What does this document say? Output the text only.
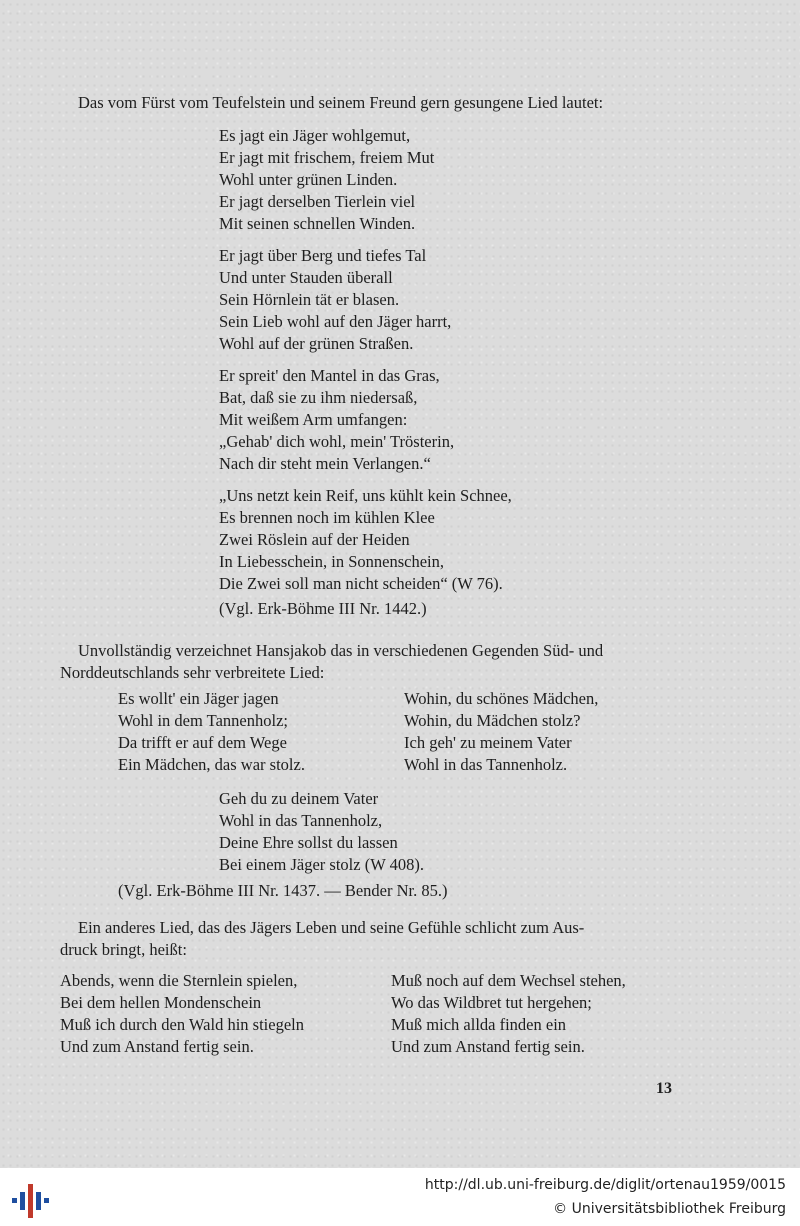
Das vom Fürst vom Teufelstein und seinem Freund gern gesungene Lied lautet:
Es jagt ein Jäger wohlgemut,
Er jagt mit frischem, freiem Mut
Wohl unter grünen Linden.
Er jagt derselben Tierlein viel
Mit seinen schnellen Winden.
Er jagt über Berg und tiefes Tal
Und unter Stauden überall
Sein Hörnlein tät er blasen.
Sein Lieb wohl auf den Jäger harrt,
Wohl auf der grünen Straßen.
Er spreit' den Mantel in das Gras,
Bat, daß sie zu ihm niedersaß,
Mit weißem Arm umfangen:
„Gehab' dich wohl, mein' Trösterin,
Nach dir steht mein Verlangen.“
„Uns netzt kein Reif, uns kühlt kein Schnee,
Es brennen noch im kühlen Klee
Zwei Röslein auf der Heiden
In Liebesschein, in Sonnenschein,
Die Zwei soll man nicht scheiden“ (W 76).
(Vgl. Erk-Böhme III Nr. 1442.)
Unvollständig verzeichnet Hansjakob das in verschiedenen Gegenden Süd- und
Norddeutschlands sehr verbreitete Lied:
Es wollt' ein Jäger jagen
Wohl in dem Tannenholz;
Da trifft er auf dem Wege
Ein Mädchen, das war stolz.
Wohin, du schönes Mädchen,
Wohin, du Mädchen stolz?
Ich geh' zu meinem Vater
Wohl in das Tannenholz.
Geh du zu deinem Vater
Wohl in das Tannenholz,
Deine Ehre sollst du lassen
Bei einem Jäger stolz (W 408).
(Vgl. Erk-Böhme III Nr. 1437. — Bender Nr. 85.)
Ein anderes Lied, das des Jägers Leben und seine Gefühle schlicht zum Aus-
druck bringt, heißt:
Abends, wenn die Sternlein spielen,
Bei dem hellen Mondenschein
Muß ich durch den Wald hin stiegeln
Und zum Anstand fertig sein.
Muß noch auf dem Wechsel stehen,
Wo das Wildbret tut hergehen;
Muß mich allda finden ein
Und zum Anstand fertig sein.
13
http://dl.ub.uni-freiburg.de/diglit/ortenau1959/0015
© Universitätsbibliothek Freiburg
